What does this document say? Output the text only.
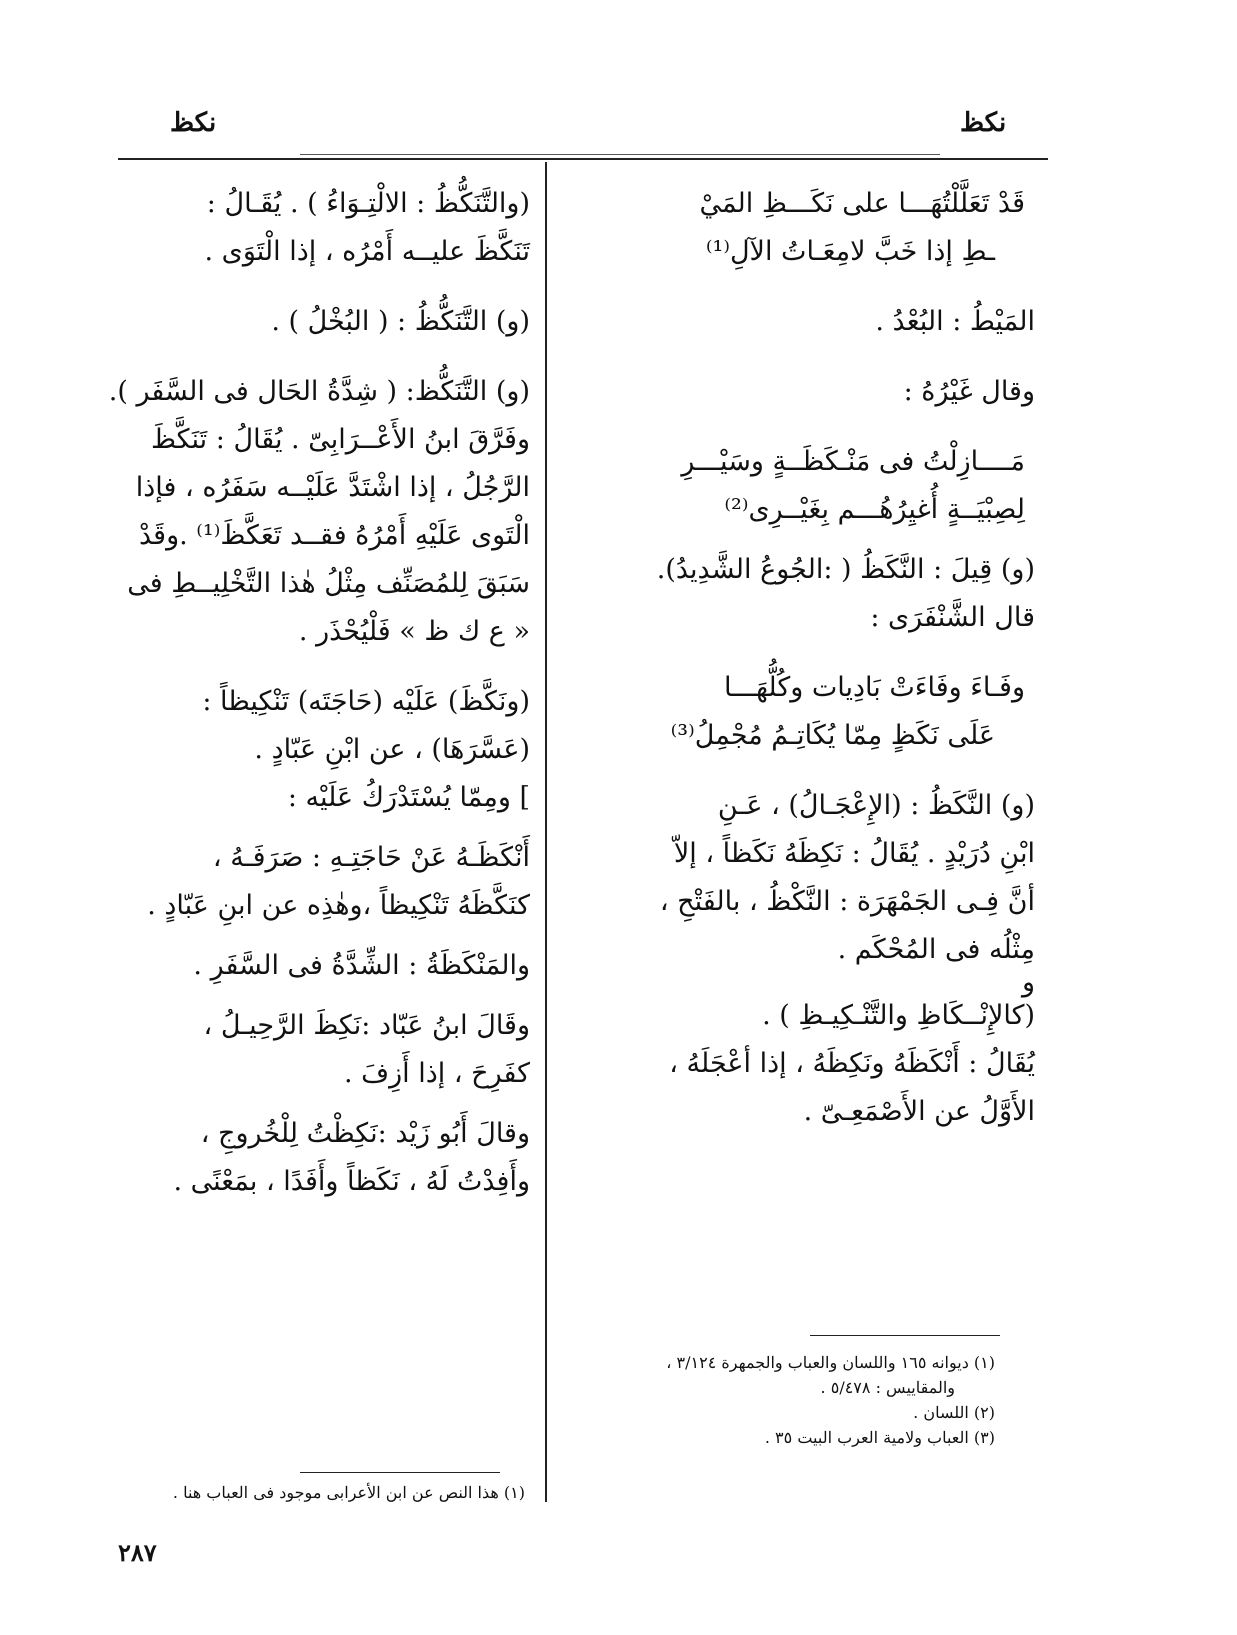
نكظ	نكظ
قَدْ تَعَلَّلْتُهَـــا على نَكَـــظِ المَيْ
ـطِ إذا خَبَّ لامِعَـاتُ الآلِ⁽¹⁾
المَيْطُ : البُعْدُ .
وقال غَيْرُهُ :
مَــــازِلْتُ فى مَنْـكَظَــةٍ وسَيْـــرِ
لِصِبْيَــةٍ أُغيِرُهُـــم بِغَيْــرِى⁽²⁾
(و) قِيلَ : النَّكَظُ ( :الجُوعُ الشَّدِيدُ).
قال الشَّنْفَرَى :
وفَـاءَ وفَاءَتْ بَادِيات وكُلُّهَـــا
عَلَى نَكَظٍ مِمّا يُكَاتِـمُ مُجْمِلُ⁽³⁾
(و) النَّكَظُ : (الإِعْجَـالُ) ، عَـنِ
ابْنِ دُرَيْدٍ . يُقَالُ : نَكِظَهُ نَكَظاً ، إلاّ
أنَّ فِـى الجَمْهَرَة : النَّكْظُ ، بالفَتْحِ ،
مِثْلُه فى المُحْكَم .
و
(كالإِنْــكَاظِ والتَّنْـكِيـظِ ) .
يُقَالُ : أَنْكَظَهُ ونَكِظَهُ ، إذا أعْجَلَهُ ،
الأَوَّلُ عن الأَصْمَعِـىّ .
(والتَّنَكُّظُ : الالْتِـوَاءُ ) . يُقَـالُ :
تَنَكَّظَ عليــه أَمْرُه ، إذا الْتَوَى .
(و) التَّنَكُّظُ : ( البُخْلُ ) .
(و) التَّنَكُّظ: ( شِدَّةُ الحَال فى السَّفَر ).
وفَرَّقَ ابنُ الأَعْــرَابِىّ . يُقَالُ : تَنَكَّظَ
الرَّجُلُ ، إذا اشْتَدَّ عَلَيْــه سَفَرُه ، فإذا
الْتَوى عَلَيْهِ أَمْرُهُ فقــد تَعَكَّظَ⁽¹⁾ .وقَدْ
سَبَقَ لِلمُصَنِّف مِثْلُ هٰذا التَّخْلِيــطِ فى
« ع ك ظ » فَلْيُحْذَر .
(ونَكَّظَ) عَلَيْه (حَاجَتَه) تَنْكِيظاً :
(عَسَّرَهَا) ، عن ابْنِ عَبّادٍ .
] ومِمّا يُسْتَدْرَكُ عَلَيْه :
أَنْكَظَـهُ عَنْ حَاجَتِـهِ : صَرَفَـهُ ،
كنَكَّظَهُ تَنْكِيظاً ،وهٰذِه عن ابنِ عَبّادٍ .
والمَنْكَظَةُ : الشِّدَّةُ فى السَّفَرِ .
وقَالَ ابنُ عَبّاد :نَكِظَ الرَّحِيـلُ ،
كفَرِحَ ، إذا أَزِفَ .
وقالَ أَبُو زَيْد :نَكِظْتُ لِلْخُروجِ ،
وأَفِدْتُ لَهُ ، نَكَظاً وأَفَدًا ، بمَعْنًى .
(١) ديوانه ١٦٥ واللسان والعباب والجمهرة ٣/١٢٤ ،
والمقاييس : ٥/٤٧٨ .
(٢) اللسان .
(٣) العباب ولامية العرب البيت ٣٥ .
(١) هذا النص عن ابن الأعرابى موجود فى العباب هنا .
٢٨٧
